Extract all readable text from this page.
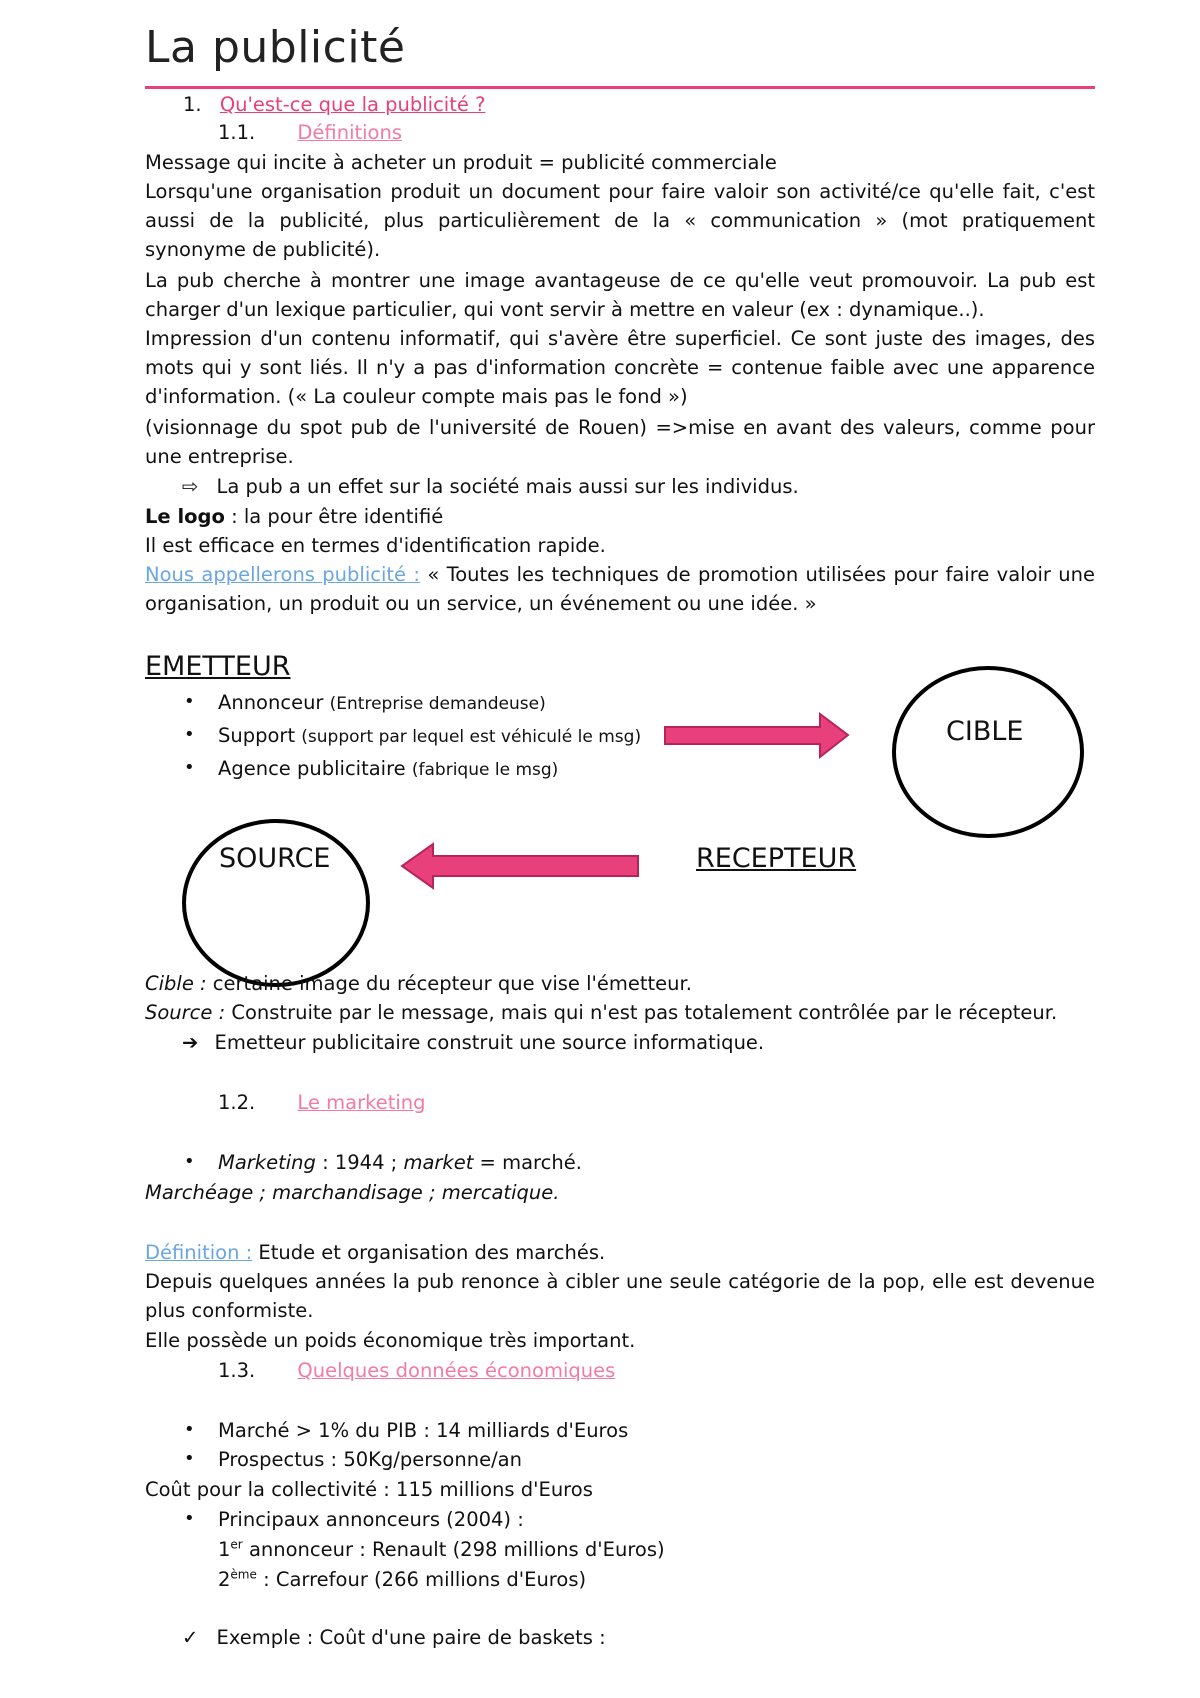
La publicité
1. Qu'est-ce que la publicité ?
1.1. Définitions
Message qui incite à acheter un produit = publicité commerciale
Lorsqu'une organisation produit un document pour faire valoir son activité/ce qu'elle fait, c'est aussi de la publicité, plus particulièrement de la « communication » (mot pratiquement synonyme de publicité).
La pub cherche à montrer une image avantageuse de ce qu'elle veut promouvoir. La pub est charger d'un lexique particulier, qui vont servir à mettre en valeur (ex : dynamique..).
Impression d'un contenu informatif, qui s'avère être superficiel. Ce sont juste des images, des mots qui y sont liés. Il n'y a pas d'information concrète = contenue faible avec une apparence d'information. (« La couleur compte mais pas le fond »)
(visionnage du spot pub de l'université de Rouen) =>mise en avant des valeurs, comme pour une entreprise.
⇨ La pub a un effet sur la société mais aussi sur les individus.
Le logo : la pour être identifié
Il est efficace en termes d'identification rapide.
Nous appellerons publicité : « Toutes les techniques de promotion utilisées pour faire valoir une organisation, un produit ou un service, un événement ou une idée. »
EMETTEUR
• Annonceur (Entreprise demandeuse)
• Support (support par lequel est véhiculé le msg)
• Agence publicitaire (fabrique le msg)
CIBLE
SOURCE	RECEPTEUR
Cible : certaine image du récepteur que vise l'émetteur.
Source : Construite par le message, mais qui n'est pas totalement contrôlée par le récepteur.
➔ Emetteur publicitaire construit une source informatique.
1.2. Le marketing
• Marketing : 1944 ; market = marché.
Marchéage ; marchandisage ; mercatique.
Définition : Etude et organisation des marchés.
Depuis quelques années la pub renonce à cibler une seule catégorie de la pop, elle est devenue plus conformiste.
Elle possède un poids économique très important.
1.3. Quelques données économiques
• Marché > 1% du PIB : 14 milliards d'Euros
• Prospectus : 50Kg/personne/an
Coût pour la collectivité : 115 millions d'Euros
• Principaux annonceurs (2004) :
1er annonceur : Renault (298 millions d'Euros)
2ème : Carrefour (266 millions d'Euros)
✓ Exemple : Coût d'une paire de baskets :
